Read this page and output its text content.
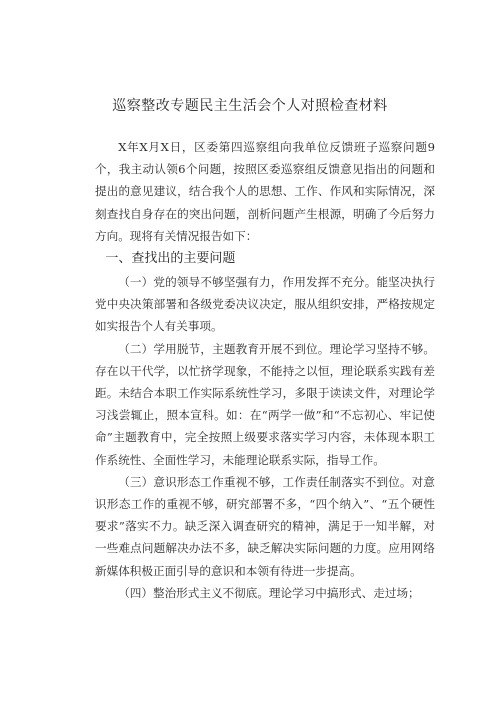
巡察整改专题民主生活会个人对照检查材料

X年X月X日，区委第四巡察组向我单位反馈班子巡察问题9个，我主动认领6个问题，按照区委巡察组反馈意见指出的问题和提出的意见建议，结合我个人的思想、工作、作风和实际情况，深刻查找自身存在的突出问题，剖析问题产生根源，明确了今后努力方向。现将有关情况报告如下：

一、查找出的主要问题

（一）党的领导不够坚强有力，作用发挥不充分。能坚决执行党中央决策部署和各级党委决议决定，服从组织安排，严格按规定如实报告个人有关事项。

（二）学用脱节，主题教育开展不到位。理论学习坚持不够。存在以干代学，以忙挤学现象，不能持之以恒，理论联系实践有差距。未结合本职工作实际系统性学习，多限于读读文件，对理论学习浅尝辄止，照本宣科。如：在“两学一做”和“不忘初心、牢记使命”主题教育中，完全按照上级要求落实学习内容，未体现本职工作系统性、全面性学习，未能理论联系实际，指导工作。

（三）意识形态工作重视不够，工作责任制落实不到位。对意识形态工作的重视不够，研究部署不多，“四个纳入”、“五个硬性要求”落实不力。缺乏深入调查研究的精神，满足于一知半解，对一些难点问题解决办法不多，缺乏解决实际问题的力度。应用网络新媒体积极正面引导的意识和本领有待进一步提高。

（四）整治形式主义不彻底。理论学习中搞形式、走过场；
